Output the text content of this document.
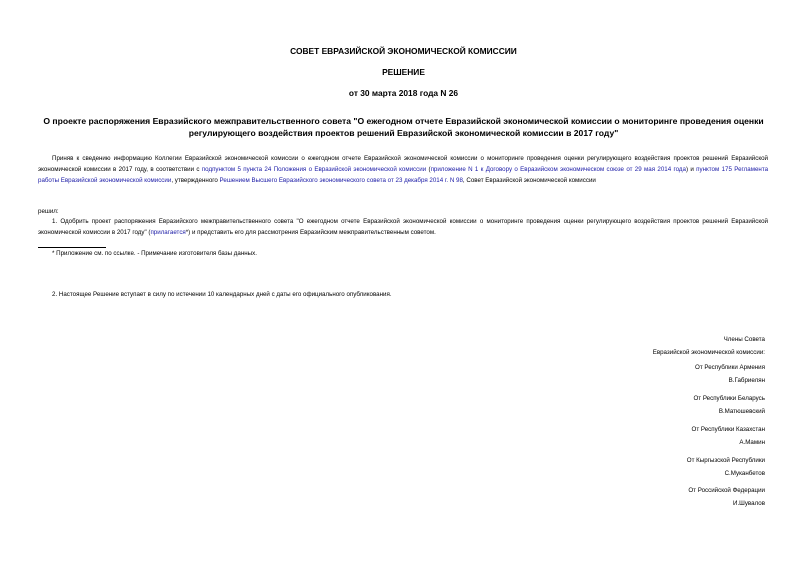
СОВЕТ ЕВРАЗИЙСКОЙ ЭКОНОМИЧЕСКОЙ КОМИССИИ
РЕШЕНИЕ
от 30 марта 2018 года N 26
О проекте распоряжения Евразийского межправительственного совета "О ежегодном отчете Евразийской экономической комиссии о мониторинге проведения оценки регулирующего воздействия проектов решений Евразийской экономической комиссии в 2017 году"
Приняв к сведению информацию Коллегии Евразийской экономической комиссии о ежегодном отчете Евразийской экономической комиссии о мониторинге проведения оценки регулирующего воздействия проектов решений Евразийской экономической комиссии в 2017 году, в соответствии с подпунктом 5 пункта 24 Положения о Евразийской экономической комиссии (приложение N 1 к Договору о Евразийском экономическом союзе от 29 мая 2014 года) и пунктом 175 Регламента работы Евразийской экономической комиссии, утвержденного Решением Высшего Евразийского экономического совета от 23 декабря 2014 г. N 98, Совет Евразийской экономической комиссии
решил:
1. Одобрить проект распоряжения Евразийского межправительственного совета "О ежегодном отчете Евразийской экономической комиссии о мониторинге проведения оценки регулирующего воздействия проектов решений Евразийской экономической комиссии в 2017 году" (прилагается*) и представить его для рассмотрения Евразийским межправительственным советом.
* Приложение см. по ссылке. - Примечание изготовителя базы данных.
2. Настоящее Решение вступает в силу по истечении 10 календарных дней с даты его официального опубликования.
Члены Совета
Евразийской экономической комиссии:
От Республики Армения
В.Габриелян
От Республики Беларусь
В.Матюшевский
От Республики Казахстан
А.Мамин
От Кыргызской Республики
С.Муканбетов
От Российской Федерации
И.Шувалов
